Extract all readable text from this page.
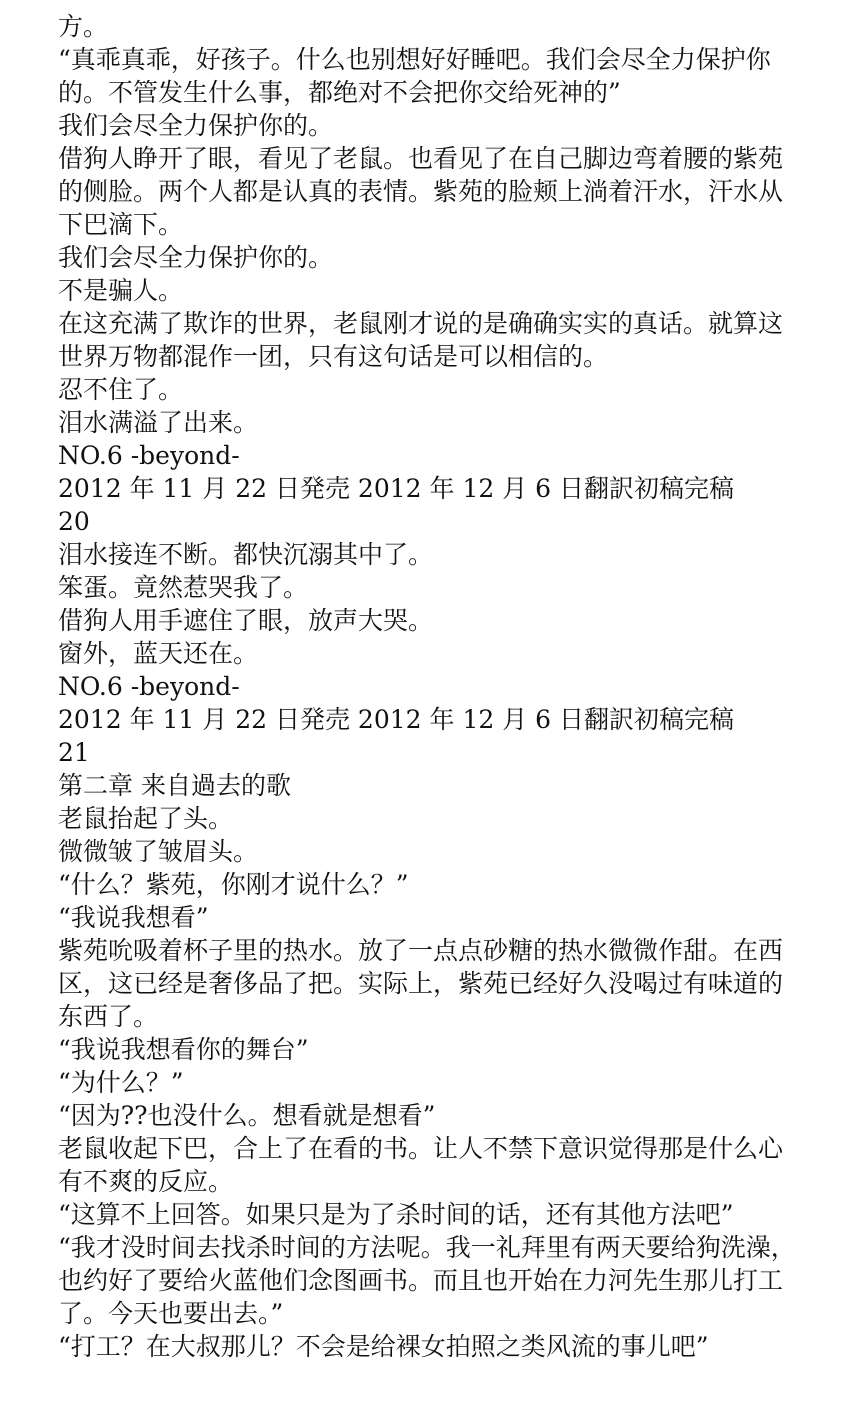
方。

“真乖真乖，好孩子。什么也别想好好睡吧。我们会尽全力保护你的。不管发生什么事，都绝对不会把你交给死神的”

我们会尽全力保护你的。

借狗人睁开了眼，看见了老鼠。也看见了在自己脚边弯着腰的紫苑的侧脸。两个人都是认真的表情。紫苑的脸颊上淌着汗水，汗水从下巴滴下。

我们会尽全力保护你的。

不是骗人。

在这充满了欺诈的世界，老鼠刚才说的是确确实实的真话。就算这世界万物都混作一团，只有这句话是可以相信的。

忍不住了。

泪水满溢了出来。

NO.6 -beyond-

2012 年 11 月 22 日発売 2012 年 12 月 6 日翻訳初稿完稿

20

泪水接连不断。都快沉溺其中了。

笨蛋。竟然惹哭我了。

借狗人用手遮住了眼，放声大哭。

窗外，蓝天还在。

NO.6 -beyond-

2012 年 11 月 22 日発売 2012 年 12 月 6 日翻訳初稿完稿

21

第二章 来自過去的歌

老鼠抬起了头。

微微皱了皱眉头。

“什么？紫苑，你刚才说什么？”

“我说我想看”

紫苑吮吸着杯子里的热水。放了一点点砂糖的热水微微作甜。在西区，这已经是奢侈品了把。实际上，紫苑已经好久没喝过有味道的东西了。

“我说我想看你的舞台”

“为什么？”

“因为??也没什么。想看就是想看”

老鼠收起下巴，合上了在看的书。让人不禁下意识觉得那是什么心有不爽的反应。

“这算不上回答。如果只是为了杀时间的话，还有其他方法吧”

“我才没时间去找杀时间的方法呢。我一礼拜里有两天要给狗洗澡，也约好了要给火蓝他们念图画书。而且也开始在力河先生那儿打工了。今天也要出去。”

“打工？在大叔那儿？不会是给裸女拍照之类风流的事儿吧”
